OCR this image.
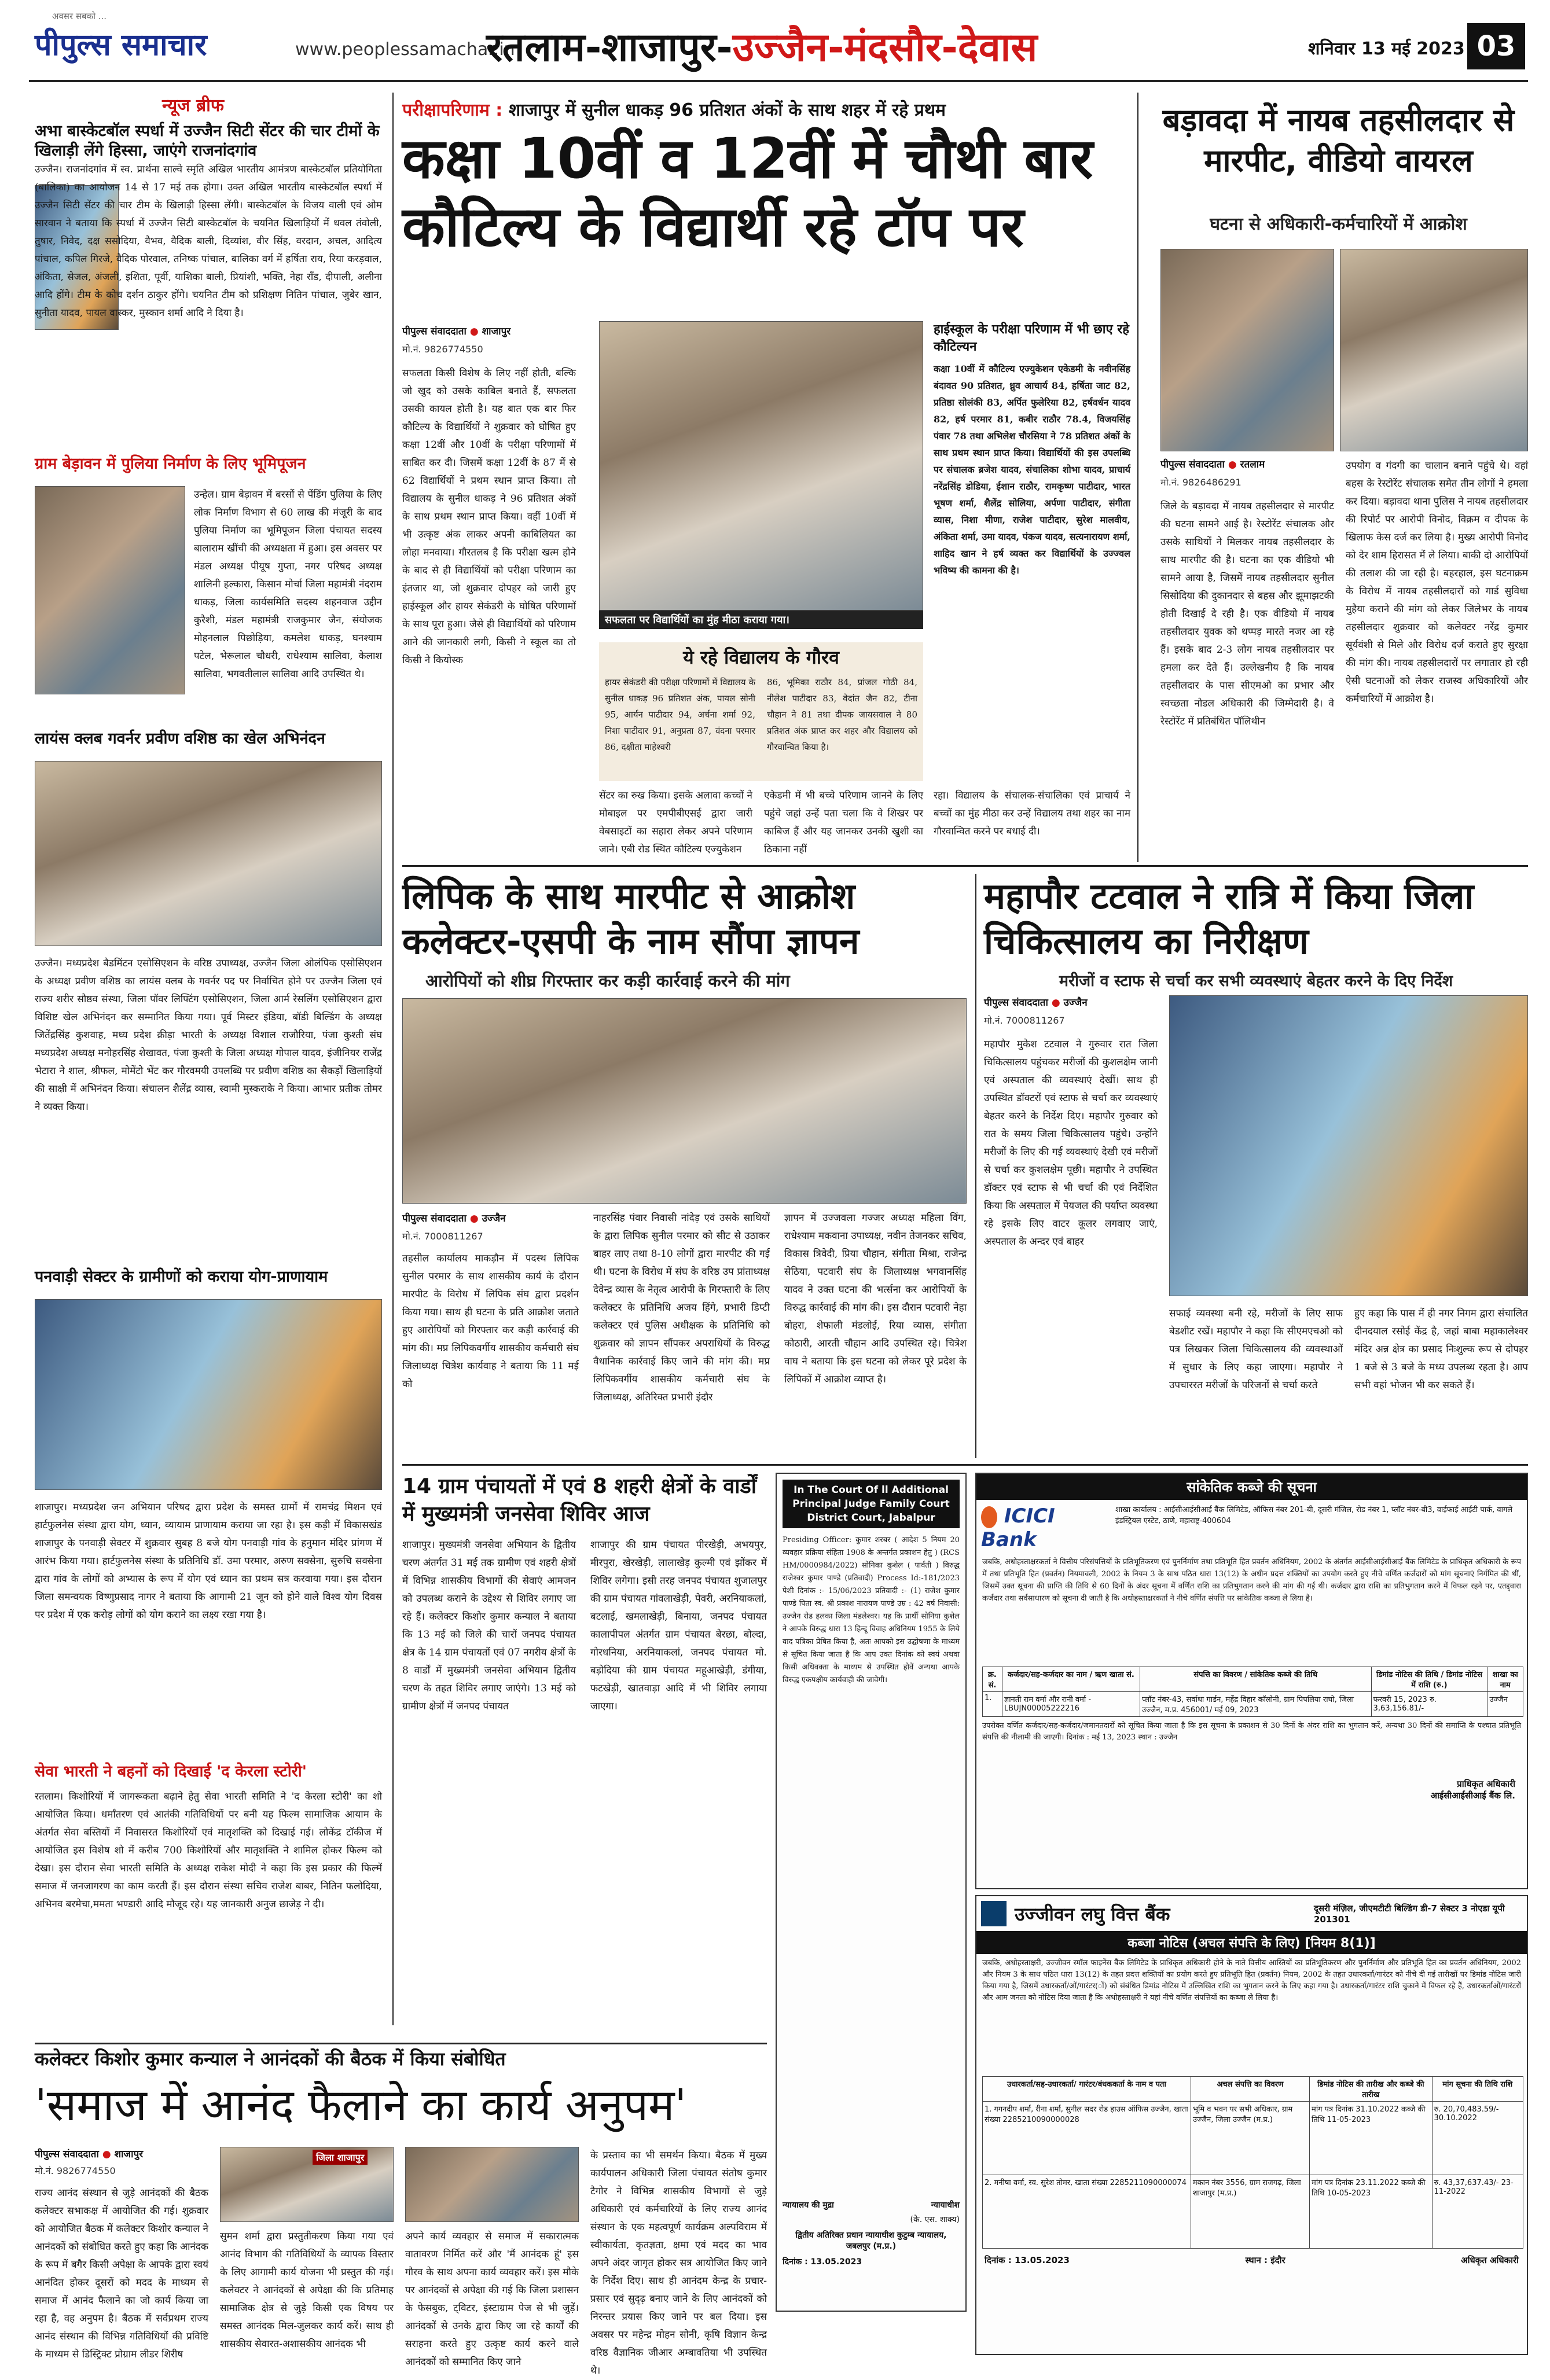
पीपुल्स समाचार
अवसर सबको ...
www.peoplessamachar.in
रतलाम-शाजापुर-उज्जैन-मंदसौर-देवास	शनिवार 13 मई 2023 03
न्यूज ब्रीफ
अभा बास्केटबॉल स्पर्धा में उज्जैन सिटी सेंटर की चार टीमों के खिलाड़ी लेंगे हिस्सा, जाएंगे राजनांदगांव
उज्जैन। राजनांदगांव में स्व. प्रार्थना साल्वे स्मृति अखिल भारतीय आमंत्रण बास्केटबॉल प्रतियोगिता (बालिका) का आयोजन 14 से 17 मई तक होगा। उक्त अखिल भारतीय बास्केटबॉल स्पर्धा में उज्जैन सिटी सेंटर की चार टीम के खिलाड़ी हिस्सा लेंगी। बास्केटबॉल के विजय वाली एवं ओम सारवान ने बताया कि स्पर्धा में उज्जैन सिटी बास्केटबॉल के चयनित खिलाड़ियों में धवल तंवोली, तुषार, निवेद, दक्ष ससोदिया, वैभव, वैदिक बाली, दिव्यांश, वीर सिंह, वरदान, अचल, आदित्य पांचाल, कपिल गिरजे, वैदिक पोरवाल, तनिष्क पांचाल, बालिका वर्ग में हर्षिता राय, रिया करड़वाल, अंकिता, सेजल, अंजली, इशिता, पूर्वी, याशिका बाली, प्रियांशी, भक्ति, नेहा राँड, दीपाली, अलीना आदि होंगे। टीम के कोच दर्शन ठाकुर होंगे। चयनित टीम को प्रशिक्षण नितिन पांचाल, जुबेर खान, सुनीता यादव, पायल वास्कर, मुस्कान शर्मा आदि ने दिया है।
ग्राम बेड़ावन में पुलिया निर्माण के लिए भूमिपूजन
उन्हेल। ग्राम बेड़ावन में बरसों से पेंडिंग पुलिया के लिए लोक निर्माण विभाग से 60 लाख की मंजूरी के बाद पुलिया निर्माण का भूमिपूजन जिला पंचायत सदस्य बालाराम खींची की अध्यक्षता में हुआ। इस अवसर पर मंडल अध्यक्ष पीयूष गुप्ता, नगर परिषद अध्यक्ष शालिनी हल्कारा, किसान मोर्चा जिला महामंत्री नंदराम धाकड़, जिला कार्यसमिति सदस्य शहनवाज उद्दीन कुरैशी, मंडल महामंत्री राजकुमार जैन, संयोजक मोहनलाल पिछोड़िया, कमलेश धाकड़, घनश्याम पटेल, भेरूलाल चौधरी, राधेश्याम सालिवा, केलाश सालिवा, भगवतीलाल सालिवा आदि उपस्थित थे।
लायंस क्लब गवर्नर प्रवीण वशिष्ठ का खेल अभिनंदन
उज्जैन। मध्यप्रदेश बैडमिंटन एसोसिएशन के वरिष्ठ उपाध्यक्ष, उज्जैन जिला ओलंपिक एसोसिएशन के अध्यक्ष प्रवीण वशिष्ठ का लायंस क्लब के गवर्नर पद पर निर्वाचित होने पर उज्जैन जिला एवं राज्य शरीर सौष्ठव संस्था, जिला पॉवर लिफ्टिंग एसोसिएशन, जिला आर्म रेसलिंग एसोसिएशन द्वारा विशिष्ट खेल अभिनंदन कर सम्मानित किया गया। पूर्व मिस्टर इंडिया, बॉडी बिल्डिंग के अध्यक्ष जितेंद्रसिंह कुशवाह, मध्य प्रदेश क्रीड़ा भारती के अध्यक्ष विशाल राजौरिया, पंजा कुश्ती संघ मध्यप्रदेश अध्यक्ष मनोहरसिंह शेखावत, पंजा कुश्ती के जिला अध्यक्ष गोपाल यादव, इंजीनियर राजेंद्र भेटारा ने शाल, श्रीफल, मोमेंटो भेंट कर गौरवमयी उपलब्धि पर प्रवीण वशिष्ठ का सैकड़ों खिलाड़ियों की साक्षी में अभिनंदन किया। संचालन शैलेंद्र व्यास, स्वामी मुस्कराके ने किया। आभार प्रतीक तोमर ने व्यक्त किया।
पनवाड़ी सेक्टर के ग्रामीणों को कराया योग-प्राणायाम
शाजापुर। मध्यप्रदेश जन अभियान परिषद द्वारा प्रदेश के समस्त ग्रामों में रामचंद्र मिशन एवं हार्टफुलनेस संस्था द्वारा योग, ध्यान, व्यायाम प्राणायाम कराया जा रहा है। इस कड़ी में विकासखंड शाजापुर के पनवाड़ी सेक्टर में शुक्रवार सुबह 8 बजे योग पनवाड़ी गांव के हनुमान मंदिर प्रांगण में आरंभ किया गया। हार्टफुलनेस संस्था के प्रतिनिधि डॉ. उमा परमार, अरुण सक्सेना, सुरुचि सक्सेना द्वारा गांव के लोगों को अभ्यास के रूप में योग एवं ध्यान का प्रथम सत्र करवाया गया। इस दौरान जिला समन्वयक विष्णुप्रसाद नागर ने बताया कि आगामी 21 जून को होने वाले विश्व योग दिवस पर प्रदेश में एक करोड़ लोगों को योग कराने का लक्ष्य रखा गया है।
सेवा भारती ने बहनों को दिखाई 'द केरला स्टोरी'
रतलाम। किशोरियों में जागरूकता बढ़ाने हेतु सेवा भारती समिति ने 'द केरला स्टोरी' का शो आयोजित किया। धर्मांतरण एवं आतंकी गतिविधियों पर बनी यह फिल्म सामाजिक आयाम के अंतर्गत सेवा बस्तियों में निवासरत किशोरियों एवं मातृशक्ति को दिखाई गई। लोकेंद्र टॉकीज में आयोजित इस विशेष शो में करीब 700 किशोरियों और मातृशक्ति ने शामिल होकर फिल्म को देखा। इस दौरान सेवा भारती समिति के अध्यक्ष राकेश मोदी ने कहा कि इस प्रकार की फिल्में समाज में जनजागरण का काम करती हैं। इस दौरान संस्था सचिव राजेश बाबर, नितिन फलोदिया, अभिनव बरमेचा,ममता भण्डारी आदि मौजूद रहे। यह जानकारी अनुज छाजेड़ ने दी।
परीक्षापरिणाम : शाजापुर में सुनील धाकड़ 96 प्रतिशत अंकों के साथ शहर में रहे प्रथम
कक्षा 10वीं व 12वीं में चौथी बार कौटिल्य के विद्यार्थी रहे टॉप पर
पीपुल्स संवाददाता ● शाजापुर
मो.नं. 9826774550
सफलता किसी विशेष के लिए नहीं होती, बल्कि जो खुद को उसके काबिल बनाते हैं, सफलता उसकी कायल होती है। यह बात एक बार फिर कौटिल्य के विद्यार्थियों ने शुक्रवार को घोषित हुए कक्षा 12वीं और 10वीं के परीक्षा परिणामों में साबित कर दी। जिसमें कक्षा 12वीं के 87 में से 62 विद्यार्थियों ने प्रथम स्थान प्राप्त किया। तो विद्यालय के सुनील धाकड़ ने 96 प्रतिशत अंकों के साथ प्रथम स्थान प्राप्त किया। वहीं 10वीं में भी उत्कृष्ट अंक लाकर अपनी काबिलियत का लोहा मनवाया। गौरतलब है कि परीक्षा खत्म होने के बाद से ही विद्यार्थियों को परीक्षा परिणाम का इंतजार था, जो शुक्रवार दोपहर को जारी हुए हाईस्कूल और हायर सेकंडरी के घोषित परिणामों के साथ पूरा हुआ। जैसे ही विद्यार्थियों को परिणाम आने की जानकारी लगी, किसी ने स्कूल का तो किसी ने कियोस्क
सफलता पर विद्यार्थियों का मुंह मीठा कराया गया।
हाईस्कूल के परीक्षा परिणाम में भी छाए रहे कौटिल्यन
कक्षा 10वीं में कौटिल्य एज्युकेशन एकेडमी के नवीनसिंह बंदावत 90 प्रतिशत, ध्रुव आचार्य 84, हर्षिता जाट 82, प्रतिष्ठा सोलंकी 83, अर्पित फुलेरिया 82, हर्षवर्धन यादव 82, हर्ष परमार 81, कबीर राठौर 78.4, विजयसिंह पंवार 78 तथा अभिलेश चौरसिया ने 78 प्रतिशत अंकों के साथ प्रथम स्थान प्राप्त किया। विद्यार्थियों की इस उपलब्धि पर संचालक ब्रजेश यादव, संचालिका शोभा यादव, प्राचार्य नरेंद्रसिंह डोडिया, ईशान राठौर, रामकृष्ण पाटीदार, भारत भूषण शर्मा, शैलेंद्र सोलिया, अर्पणा पाटीदार, संगीता व्यास, निशा मीणा, राजेश पाटीदार, सुरेश मालवीय, अंकिता शर्मा, उमा यादव, पंकज यादव, सत्यनारायण शर्मा, शाहिद खान ने हर्ष व्यक्त कर विद्यार्थियों के उज्ज्वल भविष्य की कामना की है।
ये रहे विद्यालय के गौरव
हायर सेकंडरी की परीक्षा परिणामों में विद्यालय के सुनील धाकड़ 96 प्रतिशत अंक, पायल सोनी 95, आर्यन पाटीदार 94, अर्चना शर्मा 92, निशा पाटीदार 91, अनुप्रता 87, वंदना परमार 86, दक्षीता माहेश्वरी
86, भूमिका राठौर 84, प्रांजल गोठी 84, नीलेश पाटीदार 83, वेदांत जैन 82, टीना चौहान ने 81 तथा दीपक जायसवाल ने 80 प्रतिशत अंक प्राप्त कर शहर और विद्यालय को गौरवान्वित किया है।
सेंटर का रुख किया। इसके अलावा कच्चों ने मोबाइल पर एमपीबीएसई द्वारा जारी वेबसाइटों का सहारा लेकर अपने परिणाम जाने। एबी रोड स्थित कौटिल्य एज्युकेशन
एकेडमी में भी बच्चे परिणाम जानने के लिए पहुंचे जहां उन्हें पता चला कि वे शिखर पर काबिज हैं और यह जानकर उनकी खुशी का ठिकाना नहीं
रहा। विद्यालय के संचालक-संचालिका एवं प्राचार्य ने बच्चों का मुंह मीठा कर उन्हें विद्यालय तथा शहर का नाम गौरवान्वित करने पर बधाई दी।
बड़ावदा में नायब तहसीलदार से मारपीट, वीडियो वायरल
घटना से अधिकारी-कर्मचारियों में आक्रोश
पीपुल्स संवाददाता ● रतलाम
मो.नं. 9826486291
जिले के बड़ावदा में नायब तहसीलदार से मारपीट की घटना सामने आई है। रेस्टोरेंट संचालक और उसके साथियों ने मिलकर नायब तहसीलदार के साथ मारपीट की है। घटना का एक वीडियो भी सामने आया है, जिसमें नायब तहसीलदार सुनील सिसोदिया की दुकानदार से बहस और झूमाझटकी होती दिखाई दे रही है। एक वीडियो में नायब तहसीलदार युवक को थप्पड़ मारते नजर आ रहे हैं। इसके बाद 2-3 लोग नायब तहसीलदार पर हमला कर देते हैं। उल्लेखनीय है कि नायब तहसीलदार के पास सीएमओ का प्रभार और स्वच्छता नोडल अधिकारी की जिम्मेदारी है। वे रेस्टोरेंट में प्रतिबंधित पॉलिथीन
उपयोग व गंदगी का चालान बनाने पहुंचे थे। वहां बहस के रेस्टोरेंट संचालक समेत तीन लोगों ने हमला कर दिया। बड़ावदा थाना पुलिस ने नायब तहसीलदार की रिपोर्ट पर आरोपी विनोद, विक्रम व दीपक के खिलाफ केस दर्ज कर लिया है। मुख्य आरोपी विनोद को देर शाम हिरासत में ले लिया। बाकी दो आरोपियों की तलाश की जा रही है। बहरहाल, इस घटनाक्रम के विरोध में नायब तहसीलदारों को गार्ड सुविधा मुहैया कराने की मांग को लेकर जिलेभर के नायब तहसीलदार शुक्रवार को कलेक्टर नरेंद्र कुमार सूर्यवंशी से मिले और विरोध दर्ज कराते हुए सुरक्षा की मांग की। नायब तहसीलदारों पर लगातार हो रही ऐसी घटनाओं को लेकर राजस्व अधिकारियों और कर्मचारियों में आक्रोश है।
लिपिक के साथ मारपीट से आक्रोश कलेक्टर-एसपी के नाम सौंपा ज्ञापन
आरोपियों को शीघ्र गिरफ्तार कर कड़ी कार्रवाई करने की मांग
पीपुल्स संवाददाता ● उज्जैन
मो.नं. 7000811267
तहसील कार्यालय माकड़ौन में पदस्थ लिपिक सुनील परमार के साथ शासकीय कार्य के दौरान मारपीट के विरोध में लिपिक संघ द्वारा प्रदर्शन किया गया। साथ ही घटना के प्रति आक्रोश जताते हुए आरोपियों को गिरफ्तार कर कड़ी कार्रवाई की मांग की। मप्र लिपिकवर्गीय शासकीय कर्मचारी संघ जिलाध्यक्ष चित्रेश कार्यवाह ने बताया कि 11 मई को
नाहरसिंह पंवार निवासी नांदेड़ एवं उसके साथियों के द्वारा लिपिक सुनील परमार को सीट से उठाकर बाहर लाए तथा 8-10 लोगों द्वारा मारपीट की गई थी। घटना के विरोध में संघ के वरिष्ठ उप प्रांताध्यक्ष देवेन्द्र व्यास के नेतृत्व आरोपी के गिरफ्तारी के लिए कलेक्टर के प्रतिनिधि अजय हिंगे, प्रभारी डिप्टी कलेक्टर एवं पुलिस अधीक्षक के प्रतिनिधि को शुक्रवार को ज्ञापन सौंपकर अपराधियों के विरुद्ध वैधानिक कार्रवाई किए जाने की मांग की। मप्र लिपिकवर्गीय शासकीय कर्मचारी संघ के जिलाध्यक्ष, अतिरिक्त प्रभारी इंदौर
ज्ञापन में उज्जवला गज्जर अध्यक्ष महिला विंग, राधेश्याम मकवाना उपाध्यक्ष, नवीन तेजनकर सचिव, विकास त्रिवेदी, प्रिया चौहान, संगीता मिश्रा, राजेन्द्र सेठिया, पटवारी संघ के जिलाध्यक्ष भगवानसिंह यादव ने उक्त घटना की भर्त्सना कर आरोपियों के विरुद्ध कार्रवाई की मांग की। इस दौरान पटवारी नेहा बोहरा, शेफाली मंडलोई, रिया व्यास, संगीता कोठारी, आरती चौहान आदि उपस्थित रहे। चित्रेश वाघ ने बताया कि इस घटना को लेकर पूरे प्रदेश के लिपिकों में आक्रोश व्याप्त है।
महापौर टटवाल ने रात्रि में किया जिला चिकित्सालय का निरीक्षण
मरीजों व स्टाफ से चर्चा कर सभी व्यवस्थाएं बेहतर करने के दिए निर्देश
पीपुल्स संवाददाता ● उज्जैन
मो.नं. 7000811267
महापौर मुकेश टटवाल ने गुरुवार रात जिला चिकित्सालय पहुंचकर मरीजों की कुशलक्षेम जानी एवं अस्पताल की व्यवस्थाएं देखीं। साथ ही उपस्थित डॉक्टरों एवं स्टाफ से चर्चा कर व्यवस्थाएं बेहतर करने के निर्देश दिए। महापौर गुरुवार को रात के समय जिला चिकित्सालय पहुंचे। उन्होंने मरीजों के लिए की गई व्यवस्थाएं देखी एवं मरीजों से चर्चा कर कुशलक्षेम पूछी। महापौर ने उपस्थित डॉक्टर एवं स्टाफ से भी चर्चा की एवं निर्देशित किया कि अस्पताल में पेयजल की पर्याप्त व्यवस्था रहे इसके लिए वाटर कूलर लगवाए जाएं, अस्पताल के अन्दर एवं बाहर
सफाई व्यवस्था बनी रहे, मरीजों के लिए साफ बेडशीट रखें। महापौर ने कहा कि सीएमएचओ को पत्र लिखकर जिला चिकित्सालय की व्यवस्थाओं में सुधार के लिए कहा जाएगा। महापौर ने उपचाररत मरीजों के परिजनों से चर्चा करते
हुए कहा कि पास में ही नगर निगम द्वारा संचालित दीनदयाल रसोई केंद्र है, जहां बाबा महाकालेश्वर मंदिर अन्न क्षेत्र का प्रसाद निःशुल्क रूप से दोपहर 1 बजे से 3 बजे के मध्य उपलब्ध रहता है। आप सभी वहां भोजन भी कर सकते हैं।
14 ग्राम पंचायतों में एवं 8 शहरी क्षेत्रों के वार्डों में मुख्यमंत्री जनसेवा शिविर आज
शाजापुर। मुख्यमंत्री जनसेवा अभियान के द्वितीय चरण अंतर्गत 31 मई तक ग्रामीण एवं शहरी क्षेत्रों में विभिन्न शासकीय विभागों की सेवाएं आमजन को उपलब्ध कराने के उद्देश्य से शिविर लगाए जा रहे हैं। कलेक्टर किशोर कुमार कन्याल ने बताया कि 13 मई को जिले की चारों जनपद पंचायत क्षेत्र के 14 ग्राम पंचायतों एवं 07 नगरीय क्षेत्रों के 8 वार्डों में मुख्यमंत्री जनसेवा अभियान द्वितीय चरण के तहत शिविर लगाए जाएंगे। 13 मई को ग्रामीण क्षेत्रों में जनपद पंचायत
शाजापुर की ग्राम पंचायत पीरखेड़ी, अभयपुर, मीरपुरा, खेरखेड़ी, लालाखेड़ कुल्मी एवं झोंकर में शिविर लगेगा। इसी तरह जनपद पंचायत शुजालपुर की ग्राम पंचायत गांवलाखेड़ी, पेवरी, अरनियाकलां, बटलाई, खमलाखेड़ी, बिनाया, जनपद पंचायत कालापीपल अंतर्गत ग्राम पंचायत बेरछा, बोल्दा, गोरधनिया, अरनियाकलां, जनपद पंचायत मो. बड़ोदिया की ग्राम पंचायत महूआखेड़ी, डंगीया, फटखेड़ी, खातवाड़ा आदि में भी शिविर लगाया जाएगा।
In The Court Of ll Additional Principal Judge Family Court District Court, Jabalpur
Presiding Officer: कुमार शरबर ( आदेश 5 नियम 20 व्यवहार प्रक्रिया संहिता 1908 के अन्तर्गत प्रकाशन हेतु ) (RCS HM/0000984/2022) सोनिका कुशेल ( पार्वती ) विरुद्ध राजेश्वर कुमार पाण्डे (प्रतिवादी) Process Id:-181/2023 पेशी दिनांक :- 15/06/2023 प्रतिवादी :- (1) राजेश कुमार पाण्डे पिता स्व. श्री प्रकाश नारायण पाण्डे उम्र : 42 वर्ष निवासी: उज्जैन रोड हलका जिला मंडलेश्वर। यह कि प्रार्थी सोनिया कुशेल ने आपके विरुद्ध धारा 13 हिन्दू विवाह अधिनियम 1955 के लिये वाद पत्रिका प्रेषित किया है, अतः आपको इस उद्घोषणा के माध्यम से सूचित किया जाता है कि आप उक्त दिनांक को स्वयं अथवा किसी अधिवक्ता के माध्यम से उपस्थित होवें अन्यथा आपके विरुद्ध एकपक्षीय कार्यवाही की जावेगी।
न्यायालय की मुद्रा	न्यायाधीश
(के. एस. शाक्य)
द्वितीय अतिरिक्त प्रधान न्यायाधीश कुटुम्ब न्यायालय, जबलपुर (म.प्र.)
दिनांक : 13.05.2023
कलेक्टर किशोर कुमार कन्याल ने आनंदकों की बैठक में किया संबोधित
'समाज में आनंद फैलाने का कार्य अनुपम'
पीपुल्स संवाददाता ● शाजापुर
मो.नं. 9826774550
राज्य आनंद संस्थान से जुड़े आनंदकों की बैठक कलेक्टर सभाकक्ष में आयोजित की गई। शुक्रवार को आयोजित बैठक में कलेक्टर किशोर कन्याल ने आनंदकों को संबोधित करते हुए कहा कि आनंदक के रूप में बगैर किसी अपेक्षा के आपके द्वारा स्वयं आनंदित होकर दूसरों को मदद के माध्यम से समाज में आनंद फैलाने का जो कार्य किया जा रहा है, वह अनुपम है। बैठक में सर्वप्रथम राज्य आनंद संस्थान की विभिन्न गतिविधियों की प्रविष्टि के माध्यम से डिस्ट्रिक्ट प्रोग्राम लीडर शिरीष
जिला शाजापुर
सुमन शर्मा द्वारा प्रस्तुतीकरण किया गया एवं आनंद विभाग की गतिविधियों के व्यापक विस्तार के लिए आगामी कार्य योजना भी प्रस्तुत की गई। कलेक्टर ने आनंदकों से अपेक्षा की कि प्रतिमाह सामाजिक क्षेत्र से जुड़े किसी एक विषय पर समस्त आनंदक मिल-जुलकर कार्य करें। साथ ही शासकीय सेवारत-अशासकीय आनंदक भी
अपने कार्य व्यवहार से समाज में सकारात्मक वातावरण निर्मित करें और 'मैं आनंदक हूं' इस गौरव के साथ अपना कार्य व्यवहार करें। इस मौके पर आनंदकों से अपेक्षा की गई कि जिला प्रशासन के फेसबुक, ट्विटर, इंस्टाग्राम पेज से भी जुड़ें। आनंदकों से उनके द्वारा किए जा रहे कार्यों की सराहना करते हुए उत्कृष्ट कार्य करने वाले आनंदकों को सम्मानित किए जाने
के प्रस्ताव का भी समर्थन किया। बैठक में मुख्य कार्यपालन अधिकारी जिला पंचायत संतोष कुमार टैगोर ने विभिन्न शासकीय विभागों से जुड़े अधिकारी एवं कर्मचारियों के लिए राज्य आनंद संस्थान के एक महत्वपूर्ण कार्यक्रम अल्पविराम में स्वीकार्यता, कृतज्ञता, क्षमा एवं मदद का भाव अपने अंदर जागृत होकर सत्र आयोजित किए जाने के निर्देश दिए। साथ ही आनंदम केन्द्र के प्रचार-प्रसार एवं सुदृढ़ बनाए जाने के लिए आनंदकों को निरन्तर प्रयास किए जाने पर बल दिया। इस अवसर पर महेन्द्र मोहन सोनी, कृषि विज्ञान केन्द्र वरिष्ठ वैज्ञानिक जीआर अम्बावतिया भी उपस्थित थे।
सांकेतिक कब्जे की सूचना
ICICI Bank
शाखा कार्यालय : आईसीआईसीआई बैंक लिमिटेड, ऑफिस नंबर 201-बी, दूसरी मंजिल, रोड नंबर 1, प्लॉट नंबर-बी3, वाईफाई आईटी पार्क, वागले इंडस्ट्रियल एस्टेट, ठाणे, महाराष्ट्र-400604
जबकि, अधोहस्ताक्षरकर्ता ने वित्तीय परिसंपत्तियों के प्रतिभूतिकरण एवं पुनर्निर्माण तथा प्रतिभूति हित प्रवर्तन अधिनियम, 2002 के अंतर्गत आईसीआईसीआई बैंक लिमिटेड के प्राधिकृत अधिकारी के रूप में तथा प्रतिभूति हित (प्रवर्तन) नियमावली, 2002 के नियम 3 के साथ पठित धारा 13(12) के अधीन प्रदत्त शक्तियों का उपयोग करते हुए नीचे वर्णित कर्जदारों को मांग सूचनाएं निर्गमित की थीं, जिसमें उक्त सूचना की प्राप्ति की तिथि से 60 दिनों के अंदर सूचना में वर्णित राशि का प्रतिभुगतान करने की मांग की गई थी। कर्जदार द्वारा राशि का प्रतिभुगतान करने में विफल रहने पर, एतद्द्वारा कर्जदार तथा सर्वसाधारण को सूचना दी जाती है कि अधोहस्ताक्षरकर्ता ने नीचे वर्णित संपत्ति पर सांकेतिक कब्जा ले लिया है।
क्र. सं.	कर्जदार/सह-कर्जदार का नाम / ऋण खाता सं.	संपत्ति का विवरण / सांकेतिक कब्जे की तिथि	डिमांड नोटिस की तिथि / डिमांड नोटिस में राशि (रु.)	शाखा का नाम
1.	ज्ञानती राम वर्मा और रानी वर्मा - LBUJN00005222216	प्लॉट नंबर-43, सर्वाधा गार्डन, महेंद्र विहार कॉलोनी, ग्राम पिपलिया राघो, जिला उज्जैन, म.प्र. 456001/ मई 09, 2023	फरवरी 15, 2023 रु. 3,63,156.81/-	उज्जैन
उपरोक्त वर्णित कर्जदार/सह-कर्जदार/जमानतदारों को सूचित किया जाता है कि इस सूचना के प्रकाशन से 30 दिनों के अंदर राशि का भुगतान करें, अन्यथा 30 दिनों की समाप्ति के पश्चात प्रतिभूति संपत्ति की नीलामी की जाएगी। दिनांक : मई 13, 2023 स्थान : उज्जैन
प्राधिकृत अधिकारी
आईसीआईसीआई बैंक लि.
उज्जीवन लघु वित्त बैंक	दूसरी मंज़िल, जीएमटीटी बिल्डिंग डी-7 सेक्टर 3 नोएडा यूपी 201301
कब्जा नोटिस (अचल संपत्ति के लिए) [नियम 8(1)]
जबकि, अधोहस्ताक्षरी, उज्जीवन स्मॉल फाइनेंस बैंक लिमिटेड के प्राधिकृत अधिकारी होने के नाते वित्तीय आस्तियों का प्रतिभूतिकरण और पुनर्निर्माण और प्रतिभूति हित का प्रवर्तन अधिनियम, 2002 और नियम 3 के साथ पठित धारा 13(12) के तहत प्रदत्त शक्तियों का प्रयोग करते हुए प्रतिभूति हित (प्रवर्तन) नियम, 2002 के तहत उधारकर्ता/गारंटर को नीचे दी गई तारीखों पर डिमांड नोटिस जारी किया गया है, जिसमें उधारकर्ता/ओं/गारंटर(ों) को संबंधित डिमांड नोटिस में उल्लिखित राशि का भुगतान करने के लिए कहा गया है। उधारकर्ता/गारंटर राशि चुकाने में विफल रहे हैं, उधारकर्ताओं/गारंटरों और आम जनता को नोटिस दिया जाता है कि अधोहस्ताक्षरी ने यहां नीचे वर्णित संपत्तियों का कब्जा ले लिया है।
उधारकर्ता/सह-उधारकर्ता/ गारंटर/बंधककर्ता के नाम व पता	अचल संपत्ति का विवरण	डिमांड नोटिस की तारीख और कब्जे की तारीख	मांग सूचना की तिथि राशि
1. गगनदीप शर्मा, रीना शर्मा, सुनील सदर रोड हाउस ऑफिस उज्जैन, खाता संख्या 2285210090000028	भूमि व भवन पर सभी अधिकार, ग्राम उज्जैन, जिला उज्जैन (म.प्र.)	मांग पत्र दिनांक 31.10.2022 कब्जे की तिथि 11-05-2023	रु. 20,70,483.59/- 30.10.2022
2. मनीषा वर्मा, स्व. सुरेश तोमर, खाता संख्या 2285211090000074	मकान नंबर 3556, ग्राम राजगढ़, जिला शाजापुर (म.प्र.)	मांग पत्र दिनांक 23.11.2022 कब्जे की तिथि 10-05-2023	रु. 43,37,637.43/- 23-11-2022
दिनांक : 13.05.2023	स्थान : इंदौर	अधिकृत अधिकारी
